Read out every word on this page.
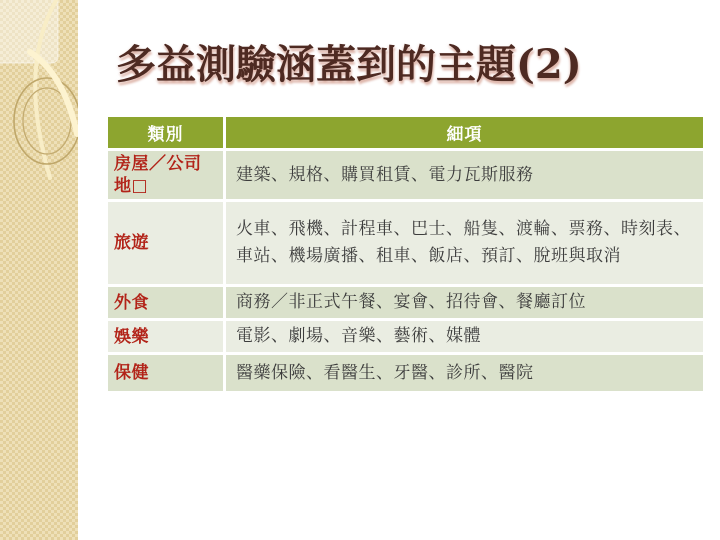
多益測驗涵蓋到的主題(2)
類別	細項
房屋／公司地□	建築、規格、購買租賃、電力瓦斯服務
旅遊	火車、飛機、計程車、巴士、船隻、渡輪、票務、時刻表、車站、機場廣播、租車、飯店、預訂、脫班與取消
外食	商務／非正式午餐、宴會、招待會、餐廳訂位
娛樂	電影、劇場、音樂、藝術、媒體
保健	醫藥保險、看醫生、牙醫、診所、醫院
